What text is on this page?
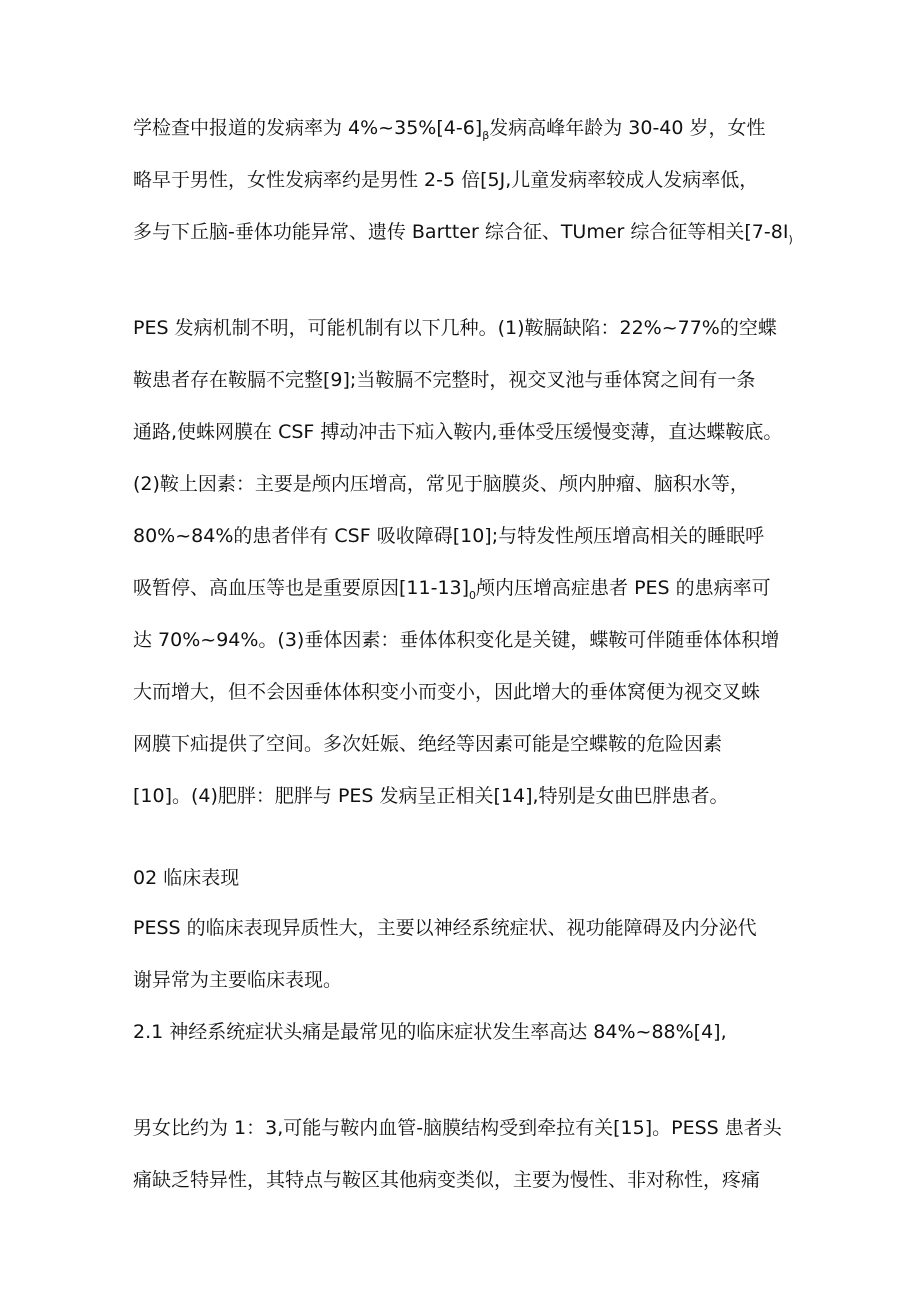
学检查中报道的发病率为 $4\%\sim 35\%[4-6]_\beta$发病高峰年龄为 30-40 岁，女性
略早于男性，女性发病率约是男性 2-5 倍[5J,儿童发病率较成人发病率低，
多与下丘脑-垂体功能异常、遗传 Bartter 综合征、TUmer 综合征等相关[$7-8I_)$
PES 发病机制不明，可能机制有以下几种。(1)鞍膈缺陷：22%~77%的空蝶
鞍患者存在鞍膈不完整[9];当鞍膈不完整时，视交叉池与垂体窝之间有一条
通路,使蛛网膜在 CSF 搏动冲击下疝入鞍内,垂体受压缓慢变薄，直达蝶鞍底。
(2)鞍上因素：主要是颅内压增高，常见于脑膜炎、颅内肿瘤、脑积水等，
80%~84%的患者伴有 CSF 吸收障碍[10];与特发性颅压增高相关的睡眠呼
吸暂停、高血压等也是重要原因$[11-13]_0$颅内压增高症患者 PES 的患病率可
达 70%~94%。(3)垂体因素：垂体体积变化是关键，蝶鞍可伴随垂体体积增
大而增大，但不会因垂体体积变小而变小，因此增大的垂体窝便为视交叉蛛
网膜下疝提供了空间。多次妊娠、绝经等因素可能是空蝶鞍的危险因素
[10]。(4)肥胖：肥胖与 PES 发病呈正相关[14],特别是女曲巴胖患者。
02 临床表现
PESS 的临床表现异质性大，主要以神经系统症状、视功能障碍及内分泌代
谢异常为主要临床表现。
2.1 神经系统症状头痛是最常见的临床症状发生率高达 84%~88%[4],
男女比约为 1：3,可能与鞍内血管-脑膜结构受到牵拉有关[15]。PESS 患者头
痛缺乏特异性，其特点与鞍区其他病变类似，主要为慢性、非对称性，疼痛
